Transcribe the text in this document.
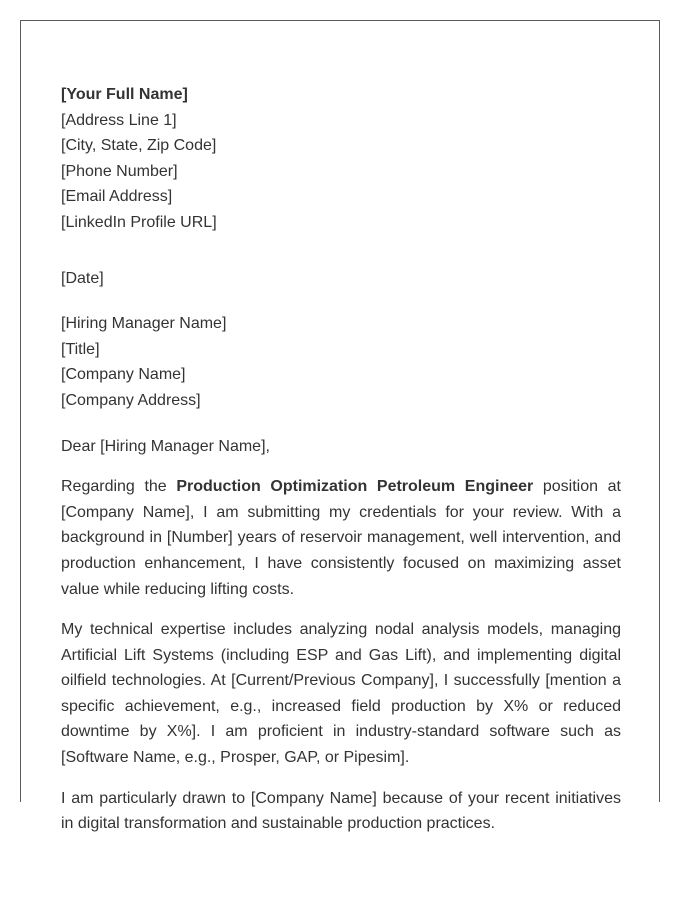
[Your Full Name]
[Address Line 1]
[City, State, Zip Code]
[Phone Number]
[Email Address]
[LinkedIn Profile URL]
[Date]
[Hiring Manager Name]
[Title]
[Company Name]
[Company Address]
Dear [Hiring Manager Name],

Regarding the Production Optimization Petroleum Engineer position at [Company Name], I am submitting my credentials for your review. With a background in [Number] years of reservoir management, well intervention, and production enhancement, I have consistently focused on maximizing asset value while reducing lifting costs.

My technical expertise includes analyzing nodal analysis models, managing Artificial Lift Systems (including ESP and Gas Lift), and implementing digital oilfield technologies. At [Current/Previous Company], I successfully [mention a specific achievement, e.g., increased field production by X% or reduced downtime by X%]. I am proficient in industry-standard software such as [Software Name, e.g., Prosper, GAP, or Pipesim].

I am particularly drawn to [Company Name] because of your recent initiatives in digital transformation and sustainable production practices.
